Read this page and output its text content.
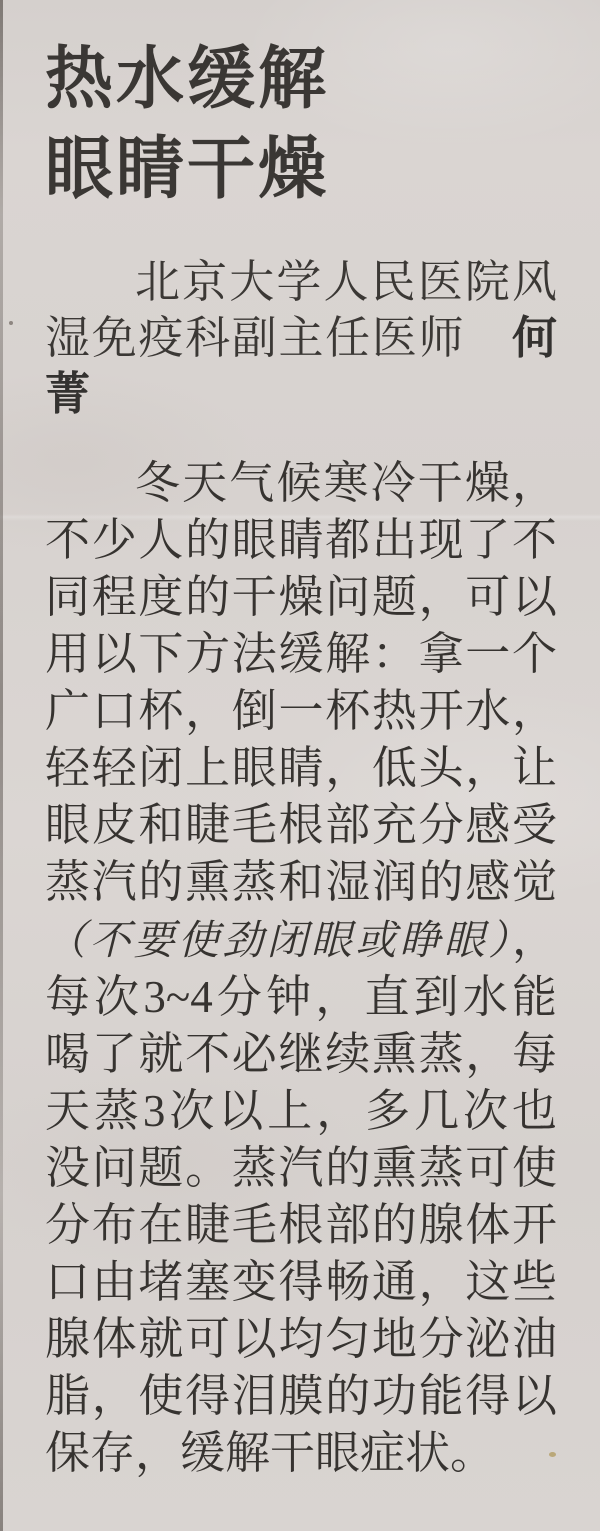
热水缓解
眼睛干燥

北京大学人民医院风湿免疫科副主任医师　 何菁

冬天气候寒冷干燥，不少人的眼睛都出现了不同程度的干燥问题，可以用以下方法缓解：拿一个广口杯，倒一杯热开水，轻轻闭上眼睛，低头，让眼皮和睫毛根部充分感受蒸汽的熏蒸和湿润的感觉（不要使劲闭眼或睁眼），每次3~4分钟，直到水能喝了就不必继续熏蒸，每天蒸3次以上，多几次也没问题。蒸汽的熏蒸可使分布在睫毛根部的腺体开口由堵塞变得畅通，这些腺体就可以均匀地分泌油脂，使得泪膜的功能得以保存，缓解干眼症状。
